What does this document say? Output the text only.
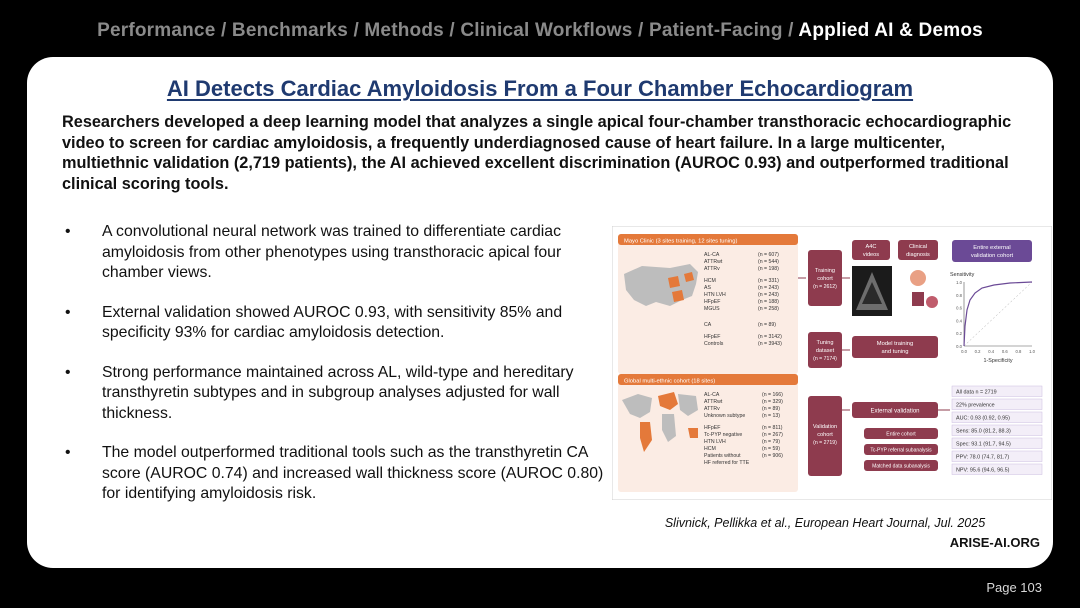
Performance / Benchmarks / Methods / Clinical Workflows / Patient-Facing / Applied AI & Demos
AI Detects Cardiac Amyloidosis From a Four Chamber Echocardiogram
Researchers developed a deep learning model that analyzes a single apical four-chamber transthoracic echocardiographic video to screen for cardiac amyloidosis, a frequently underdiagnosed cause of heart failure. In a large multicenter, multiethnic validation (2,719 patients), the AI achieved excellent discrimination (AUROC 0.93) and outperformed traditional clinical scoring tools.
• A convolutional neural network was trained to differentiate cardiac amyloidosis from other phenotypes using transthoracic apical four chamber views.
• External validation showed AUROC 0.93, with sensitivity 85% and specificity 93% for cardiac amyloidosis detection.
• Strong performance maintained across AL, wild-type and hereditary transthyretin subtypes and in subgroup analyses adjusted for wall thickness.
• The model outperformed traditional tools such as the transthyretin CA score (AUROC 0.74) and increased wall thickness score (AUROC 0.80) for identifying amyloidosis risk.
Mayo Clinic (3 sites training, 12 sites tuning)
AL-CA	(n = 607)
ATTRwt	(n = 544)
ATTRv	(n = 198)
HCM	(n = 331)
AS	(n = 243)
HTN LVH	(n = 243)
HFpEF	(n = 188)
MGUS	(n = 258)
CA	(n = 89)
HFpEF	(n = 3142)
Controls	(n = 3943)
Training
cohort
(n = 2612)
Tuning
dataset
(n = 7174)
A4C
videos
Clinical
diagnosis
Model training
and tuning
Entire external
validation cohort
Sensitivity
1.0
0.8
0.6
0.4
0.2
0.0
0.0 0.2 0.4 0.6 0.8 1.0
1-Specificity
Global multi-ethnic cohort (18 sites)
AL-CA	(n = 166)
ATTRwt	(n = 329)
ATTRv	(n = 89)
Unknown subtype	(n = 13)
HFpEF	(n = 811)
Tc-PYP negative	(n = 267)
HTN LVH	(n = 79)
HCM	(n = 59)
Patients without	(n = 906)
HF referred for TTE
Validation
cohort
(n = 2719)
External validation
Entire cohort
Tc-PYP referral subanalysis
Matched data subanalysis
All data n = 2719
22% prevalence
AUC: 0.93 (0.92, 0.95)
Sens: 85.0 (81.2, 88.3)
Spec: 93.1 (91.7, 94.5)
PPV: 78.0 (74.7, 81.7)
NPV: 95.6 (94.6, 96.5)
Slivnick, Pellikka et al., European Heart Journal, Jul. 2025
ARISE-AI.ORG
Page 103
